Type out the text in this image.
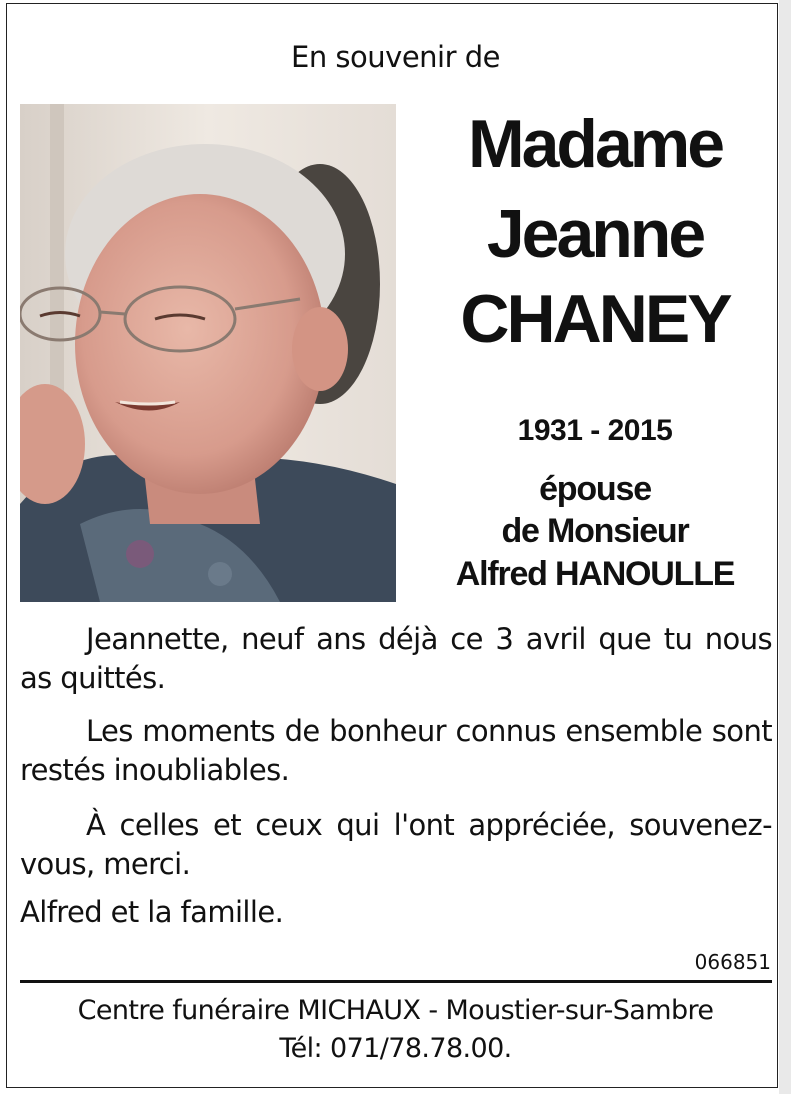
En souvenir de
Madame
Jeanne
CHANEY
1931 - 2015
épouse
de Monsieur
Alfred HANOULLE
Jeannette, neuf ans déjà ce 3 avril que tu nous as quittés.
Les moments de bonheur connus ensemble sont restés inoubliables.
À celles et ceux qui l'ont appréciée, souvenez-vous, merci.
Alfred et la famille.
066851
Centre funéraire MICHAUX - Moustier-sur-Sambre
Tél: 071/78.78.00.
